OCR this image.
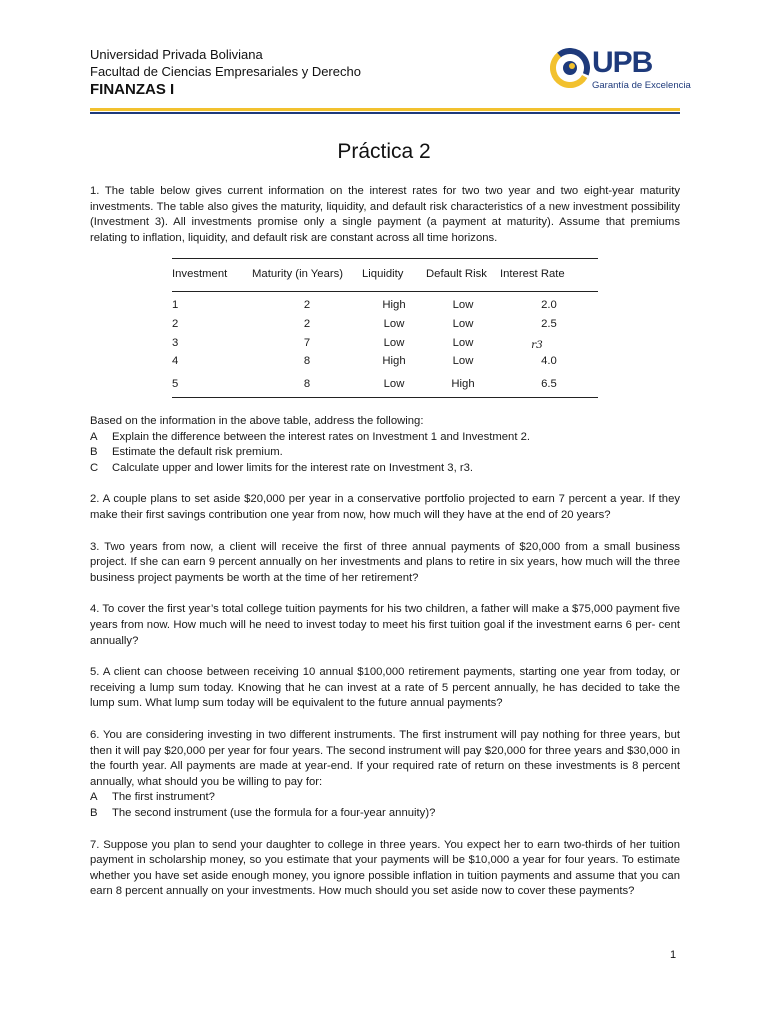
Universidad Privada Boliviana
Facultad de Ciencias Empresariales y Derecho
FINANZAS I
UPB
Garantía de Excelencia
Práctica 2

1. The table below gives current information on the interest rates for two two year and two eight-year maturity investments. The table also gives the maturity, liquidity, and default risk characteristics of a new investment possibility (Investment 3). All investments promise only a single payment (a payment at maturity). Assume that premiums relating to inflation, liquidity, and default risk are constant across all time horizons.

Investment	Maturity (in Years)	Liquidity	Default Risk	Interest Rate
1	2	High	Low	2.0
2	2	Low	Low	2.5
3	7	Low	Low	r3
4	8	High	Low	4.0
5	8	Low	High	6.5

Based on the information in the above table, address the following:

A	Explain the difference between the interest rates on Investment 1 and Investment 2.
B	Estimate the default risk premium.
C	Calculate upper and lower limits for the interest rate on Investment 3, r3.

2. A couple plans to set aside $20,000 per year in a conservative portfolio projected to earn 7 percent a year. If they make their first savings contribution one year from now, how much will they have at the end of 20 years?

3. Two years from now, a client will receive the first of three annual payments of $20,000 from a small business project. If she can earn 9 percent annually on her investments and plans to retire in six years, how much will the three business project payments be worth at the time of her retirement?

4. To cover the first year’s total college tuition payments for his two children, a father will make a $75,000 payment five years from now. How much will he need to invest today to meet his first tuition goal if the investment earns 6 per- cent annually?

5. A client can choose between receiving 10 annual $100,000 retirement payments, starting one year from today, or receiving a lump sum today. Knowing that he can invest at a rate of 5 percent annually, he has decided to take the lump sum. What lump sum today will be equivalent to the future annual payments?

6. You are considering investing in two different instruments. The first instrument will pay nothing for three years, but then it will pay $20,000 per year for four years. The second instrument will pay $20,000 for three years and $30,000 in the fourth year. All payments are made at year-end. If your required rate of return on these investments is 8 percent annually, what should you be willing to pay for:

A	The first instrument?
B	The second instrument (use the formula for a four-year annuity)?

7. Suppose you plan to send your daughter to college in three years. You expect her to earn two-thirds of her tuition payment in scholarship money, so you estimate that your payments will be $10,000 a year for four years. To estimate whether you have set aside enough money, you ignore possible inflation in tuition payments and assume that you can earn 8 percent annually on your investments. How much should you set aside now to cover these payments?

1
